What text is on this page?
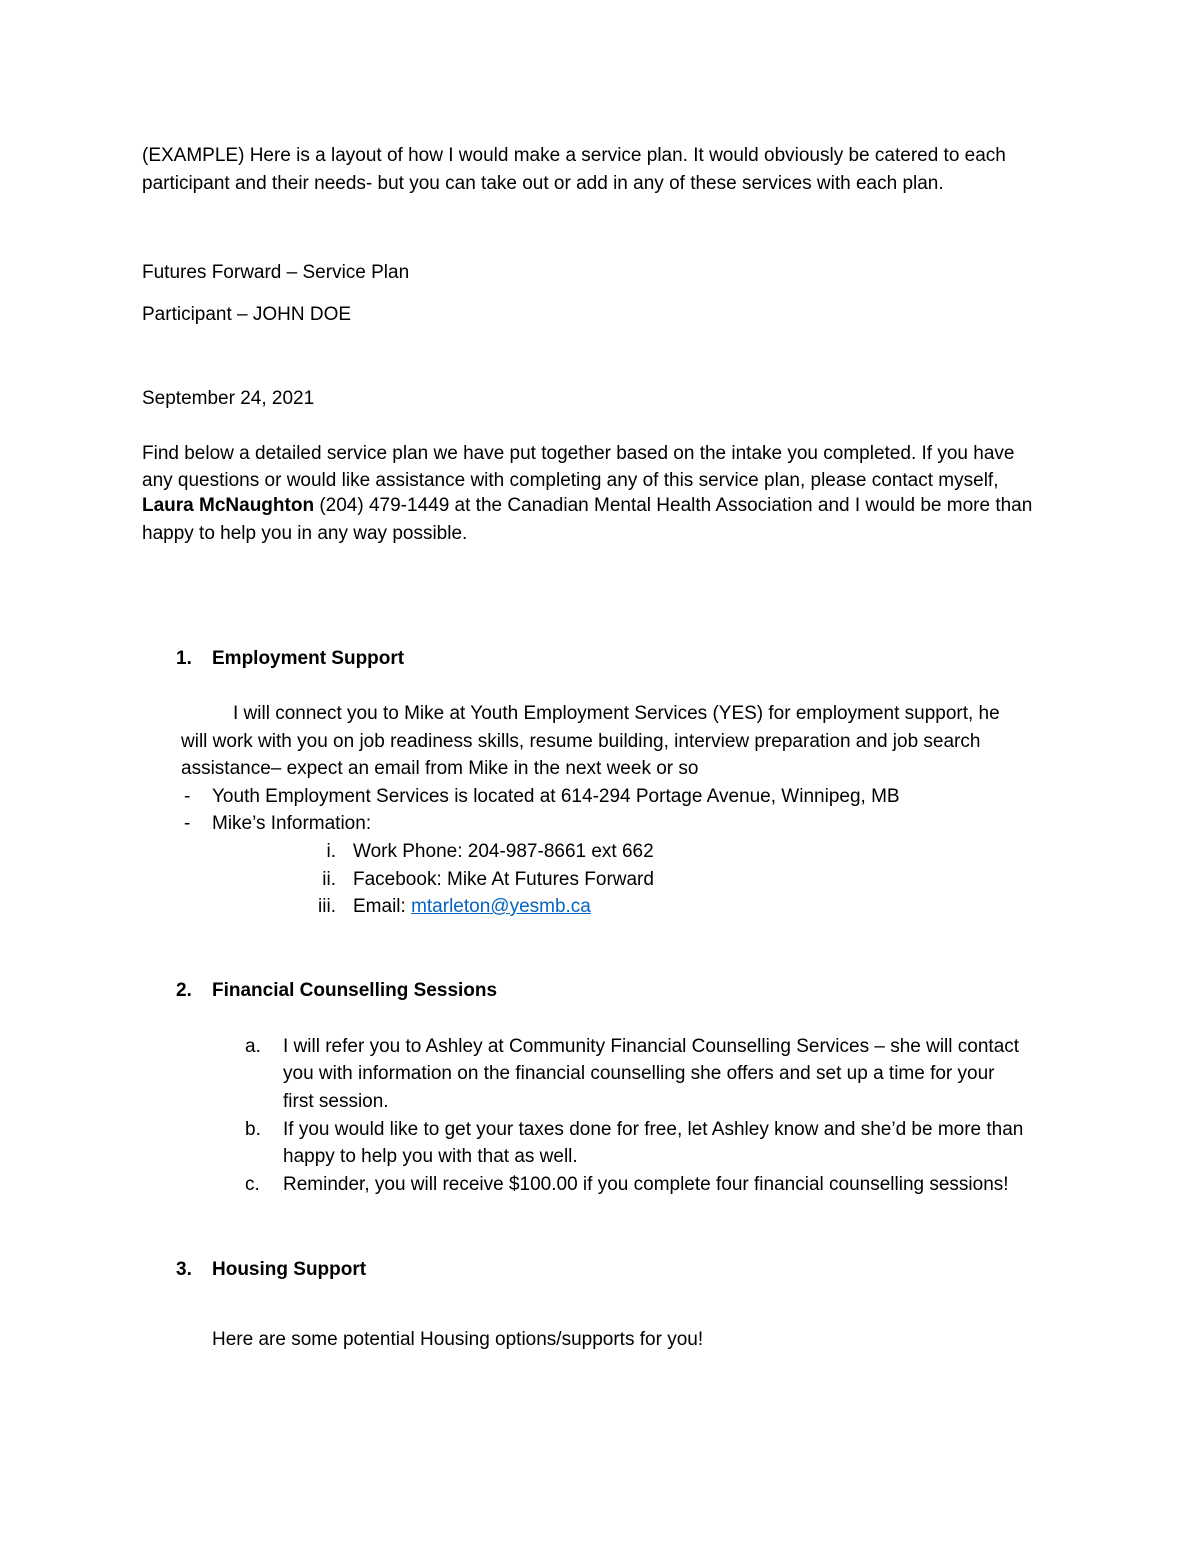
(EXAMPLE) Here is a layout of how I would make a service plan. It would obviously be catered to each
participant and their needs- but you can take out or add in any of these services with each plan.
Futures Forward – Service Plan
Participant – JOHN DOE
September 24, 2021
Find below a detailed service plan we have put together based on the intake you completed. If you have
any questions or would like assistance with completing any of this service plan, please contact myself,
Laura McNaughton (204) 479-1449 at the Canadian Mental Health Association and I would be more than
happy to help you in any way possible.
1. Employment Support
I will connect you to Mike at Youth Employment Services (YES) for employment support, he
will work with you on job readiness skills, resume building, interview preparation and job search
assistance– expect an email from Mike in the next week or so
- Youth Employment Services is located at 614-294 Portage Avenue, Winnipeg, MB
- Mike’s Information:
i. Work Phone: 204-987-8661 ext 662
ii. Facebook: Mike At Futures Forward
iii. Email: mtarleton@yesmb.ca
2. Financial Counselling Sessions
a. I will refer you to Ashley at Community Financial Counselling Services – she will contact
you with information on the financial counselling she offers and set up a time for your
first session.
b. If you would like to get your taxes done for free, let Ashley know and she’d be more than
happy to help you with that as well.
c. Reminder, you will receive $100.00 if you complete four financial counselling sessions!
3. Housing Support
Here are some potential Housing options/supports for you!
